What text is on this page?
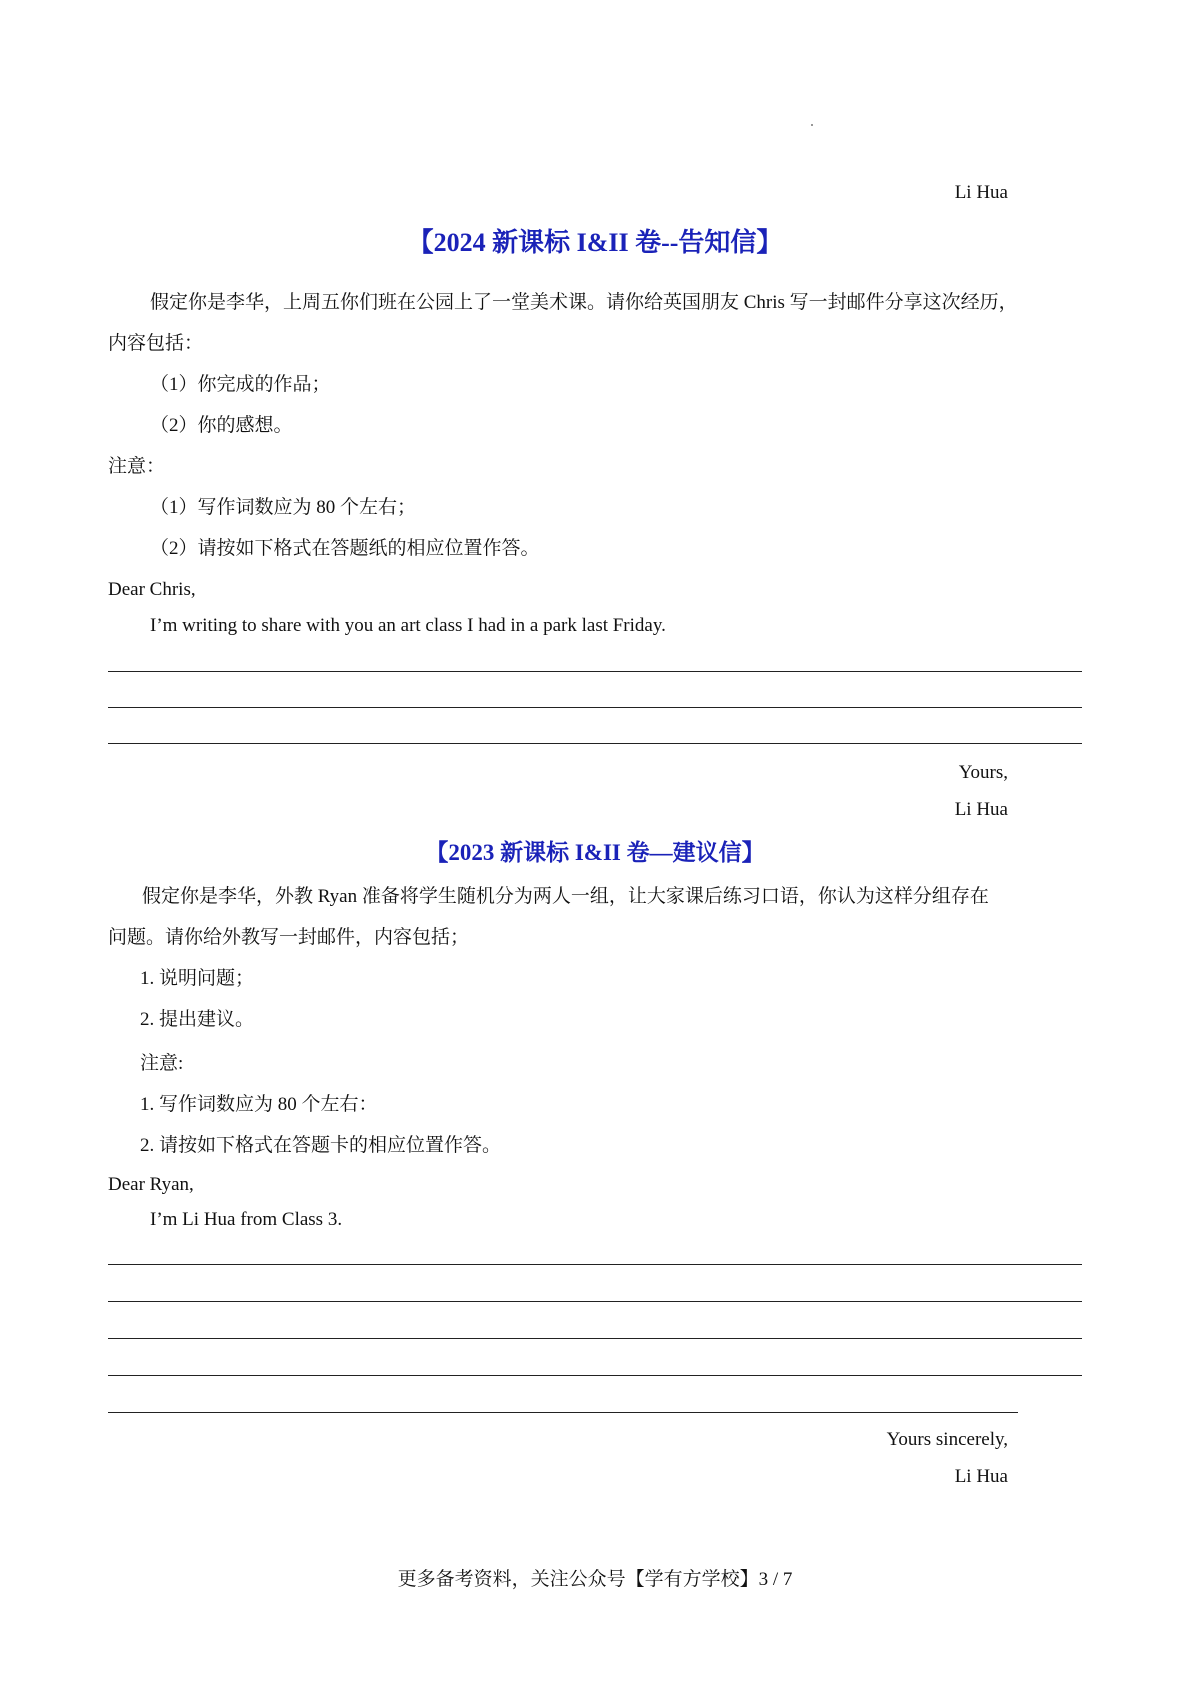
Li Hua
【2024 新课标 I&II 卷--告知信】
假定你是李华，上周五你们班在公园上了一堂美术课。请你给英国朋友 Chris 写一封邮件分享这次经历，
内容包括：
（1）你完成的作品；
（2）你的感想。
注意：
（1）写作词数应为 80 个左右；
（2）请按如下格式在答题纸的相应位置作答。
Dear Chris,
I’m writing to share with you an art class I had in a park last Friday.
Yours,
Li Hua
【2023 新课标 I&II 卷—建议信】
假定你是李华，外教 Ryan 准备将学生随机分为两人一组，让大家课后练习口语，你认为这样分组存在
问题。请你给外教写一封邮件，内容包括；
1. 说明问题；
2. 提出建议。
注意:
1. 写作词数应为 80 个左右：
2. 请按如下格式在答题卡的相应位置作答。
Dear Ryan,
I’m Li Hua from Class 3.
Yours sincerely,
Li Hua
更多备考资料，关注公众号【学有方学校】3 / 7
